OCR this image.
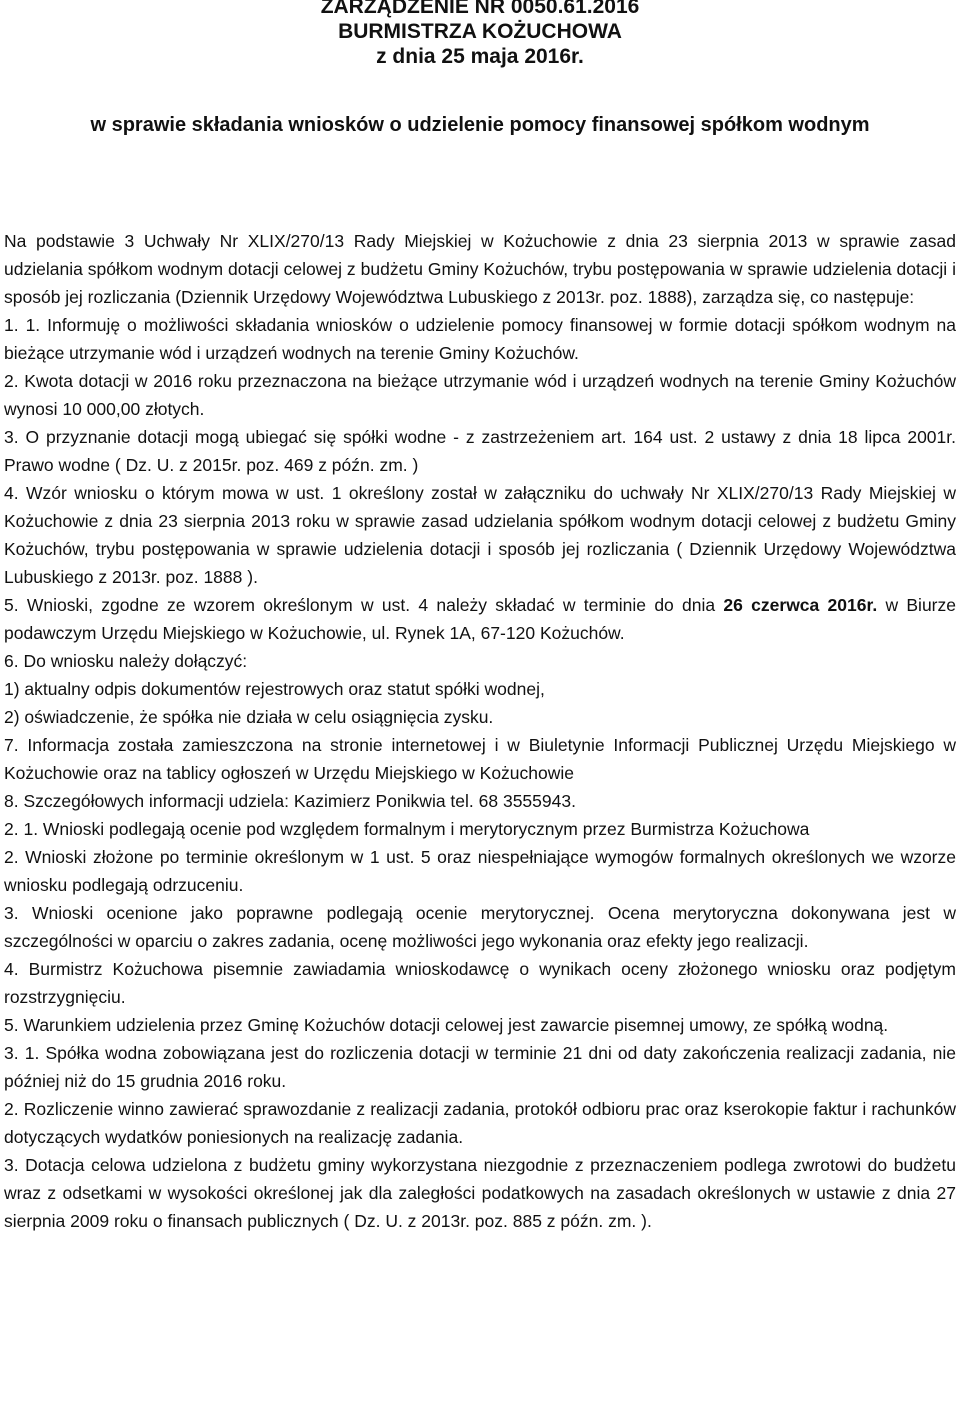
ZARZĄDZENIE NR 0050.61.2016
BURMISTRZA KOŻUCHOWA
z dnia 25 maja 2016r.
w sprawie składania wniosków o udzielenie pomocy finansowej spółkom wodnym

Na podstawie 3 Uchwały Nr XLIX/270/13 Rady Miejskiej w Kożuchowie z dnia 23 sierpnia 2013 w sprawie zasad udzielania spółkom wodnym dotacji celowej z budżetu Gminy Kożuchów, trybu postępowania w sprawie udzielenia dotacji i sposób jej rozliczania (Dziennik Urzędowy Województwa Lubuskiego z 2013r. poz. 1888), zarządza się, co następuje:

1. 1. Informuję o możliwości składania wniosków o udzielenie pomocy finansowej w formie dotacji spółkom wodnym na bieżące utrzymanie wód i urządzeń wodnych na terenie Gminy Kożuchów.

2. Kwota dotacji w 2016 roku przeznaczona na bieżące utrzymanie wód i urządzeń wodnych na terenie Gminy Kożuchów wynosi 10 000,00 złotych.

3. O przyznanie dotacji mogą ubiegać się spółki wodne - z zastrzeżeniem art. 164 ust. 2 ustawy z dnia 18 lipca 2001r. Prawo wodne ( Dz. U. z 2015r. poz. 469 z późn. zm. )

4. Wzór wniosku o którym mowa w ust. 1 określony został w załączniku do uchwały Nr XLIX/270/13 Rady Miejskiej w Kożuchowie z dnia 23 sierpnia 2013 roku w sprawie zasad udzielania spółkom wodnym dotacji celowej z budżetu Gminy Kożuchów, trybu postępowania w sprawie udzielenia dotacji i sposób jej rozliczania ( Dziennik Urzędowy Województwa Lubuskiego z 2013r. poz. 1888 ).

5. Wnioski, zgodne ze wzorem określonym w ust. 4 należy składać w terminie do dnia 26 czerwca 2016r. w Biurze podawczym Urzędu Miejskiego w Kożuchowie, ul. Rynek 1A, 67-120 Kożuchów.

6. Do wniosku należy dołączyć:

1) aktualny odpis dokumentów rejestrowych oraz statut spółki wodnej,

2) oświadczenie, że spółka nie działa w celu osiągnięcia zysku.

7. Informacja została zamieszczona na stronie internetowej i w Biuletynie Informacji Publicznej Urzędu Miejskiego w Kożuchowie oraz na tablicy ogłoszeń w Urzędu Miejskiego w Kożuchowie

8. Szczegółowych informacji udziela: Kazimierz Ponikwia tel. 68 3555943.

2. 1. Wnioski podlegają ocenie pod względem formalnym i merytorycznym przez Burmistrza Kożuchowa

2. Wnioski złożone po terminie określonym w 1 ust. 5 oraz niespełniające wymogów formalnych określonych we wzorze wniosku podlegają odrzuceniu.

3. Wnioski ocenione jako poprawne podlegają ocenie merytorycznej. Ocena merytoryczna dokonywana jest w szczególności w oparciu o zakres zadania, ocenę możliwości jego wykonania oraz efekty jego realizacji.

4. Burmistrz Kożuchowa pisemnie zawiadamia wnioskodawcę o wynikach oceny złożonego wniosku oraz podjętym rozstrzygnięciu.

5. Warunkiem udzielenia przez Gminę Kożuchów dotacji celowej jest zawarcie pisemnej umowy, ze spółką wodną.

3. 1. Spółka wodna zobowiązana jest do rozliczenia dotacji w terminie 21 dni od daty zakończenia realizacji zadania, nie później niż do 15 grudnia 2016 roku.

2. Rozliczenie winno zawierać sprawozdanie z realizacji zadania, protokół odbioru prac oraz kserokopie faktur i rachunków dotyczących wydatków poniesionych na realizację zadania.

3. Dotacja celowa udzielona z budżetu gminy wykorzystana niezgodnie z przeznaczeniem podlega zwrotowi do budżetu wraz z odsetkami w wysokości określonej jak dla zaległości podatkowych na zasadach określonych w ustawie z dnia 27 sierpnia 2009 roku o finansach publicznych ( Dz. U. z 2013r. poz. 885 z późn. zm. ).
